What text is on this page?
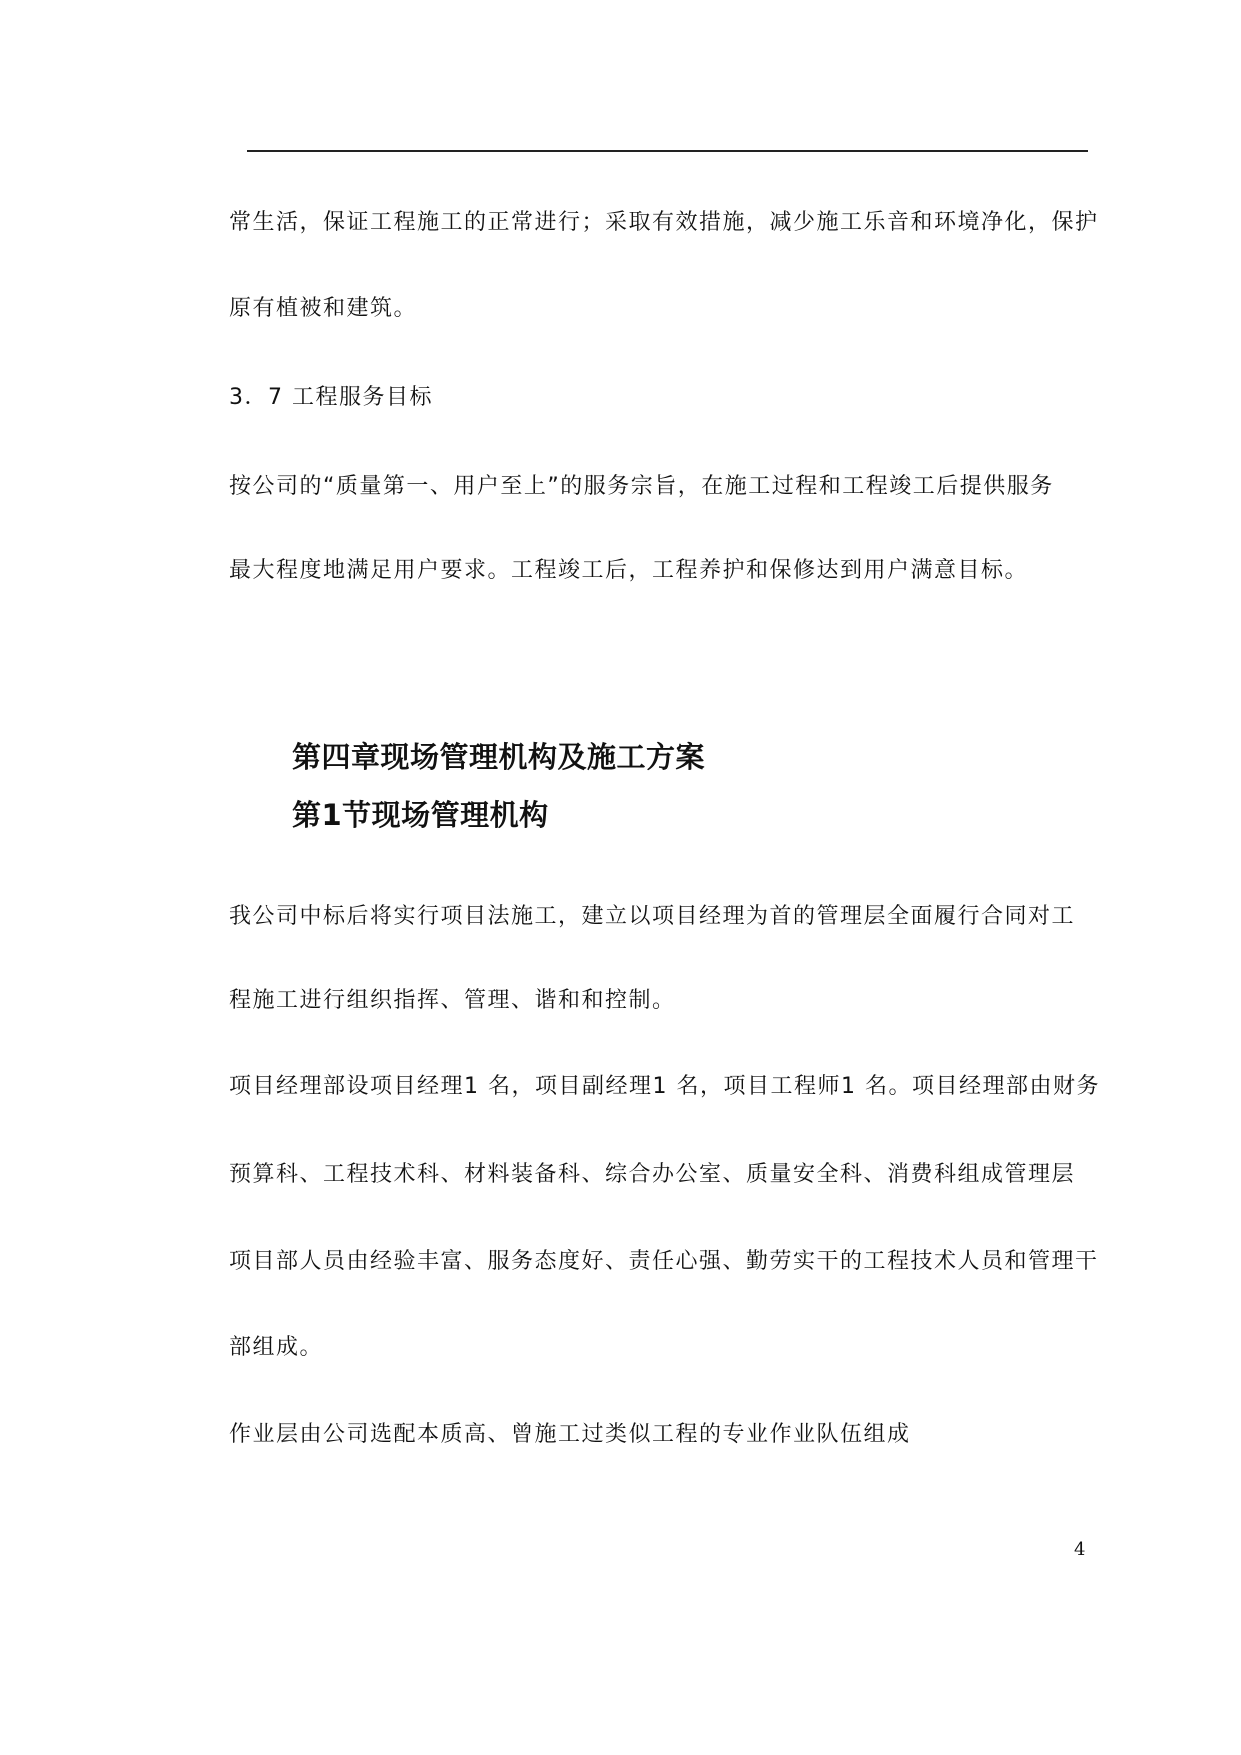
常生活，保证工程施工的正常进行；采取有效措施，减少施工乐音和环境净化，保护
原有植被和建筑。
3．7 工程服务目标
按公司的“质量第一、用户至上”的服务宗旨，在施工过程和工程竣工后提供服务
最大程度地满足用户要求。工程竣工后，工程养护和保修达到用户满意目标。
第四章现场管理机构及施工方案
第1节现场管理机构
我公司中标后将实行项目法施工，建立以项目经理为首的管理层全面履行合同对工
程施工进行组织指挥、管理、谐和和控制。
项目经理部设项目经理1 名，项目副经理1 名，项目工程师1 名。项目经理部由财务
预算科、工程技术科、材料装备科、综合办公室、质量安全科、消费科组成管理层
项目部人员由经验丰富、服务态度好、责任心强、勤劳实干的工程技术人员和管理干
部组成。
作业层由公司选配本质高、曾施工过类似工程的专业作业队伍组成
4
